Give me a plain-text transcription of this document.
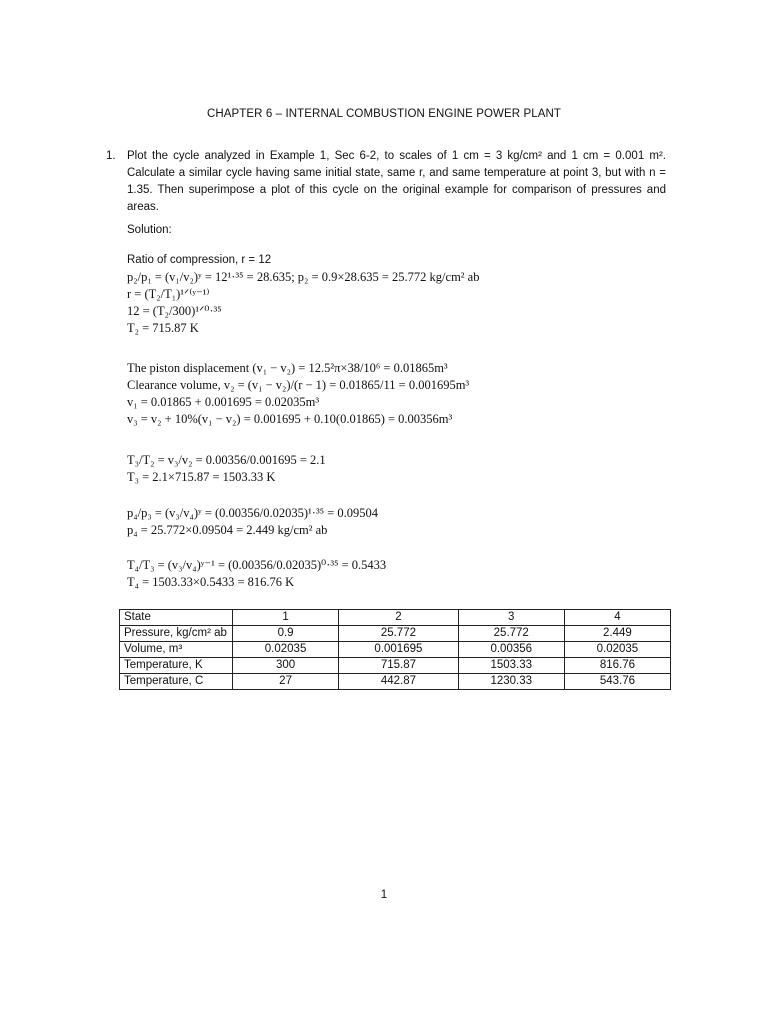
CHAPTER 6 – INTERNAL COMBUSTION ENGINE POWER PLANT
1. Plot the cycle analyzed in Example 1, Sec 6-2, to scales of 1 cm = 3 kg/cm² and 1 cm = 0.001 m². Calculate a similar cycle having same initial state, same r, and same temperature at point 3, but with n = 1.35. Then superimpose a plot of this cycle on the original example for comparison of pressures and areas.
Solution:
Ratio of compression, r = 12
p₂/p₁ = (v₁/v₂)ʸ = 12¹·³⁵ = 28.635; p₂ = 0.9×28.635 = 25.772 kg/cm² ab
r = (T₂/T₁)¹ᐟ⁽ʸ⁻¹⁾
12 = (T₂/300)¹ᐟ⁰·³⁵
T₂ = 715.87 K
The piston displacement (v₁ − v₂) = 12.5²π×38/10⁶ = 0.01865m³
Clearance volume, v₂ = (v₁ − v₂)/(r − 1) = 0.01865/11 = 0.001695m³
v₁ = 0.01865 + 0.001695 = 0.02035m³
v₃ = v₂ + 10%(v₁ − v₂) = 0.001695 + 0.10(0.01865) = 0.00356m³
T₃/T₂ = v₃/v₂ = 0.00356/0.001695 = 2.1
T₃ = 2.1×715.87 = 1503.33 K
p₄/p₃ = (v₃/v₄)ʸ = (0.00356/0.02035)¹·³⁵ = 0.09504
p₄ = 25.772×0.09504 = 2.449 kg/cm² ab
T₄/T₃ = (v₃/v₄)ʸ⁻¹ = (0.00356/0.02035)⁰·³⁵ = 0.5433
T₄ = 1503.33×0.5433 = 816.76 K
State	1	2	3	4
Pressure, kg/cm² ab	0.9	25.772	25.772	2.449
Volume, m³	0.02035	0.001695	0.00356	0.02035
Temperature, K	300	715.87	1503.33	816.76
Temperature, C	27	442.87	1230.33	543.76
1
